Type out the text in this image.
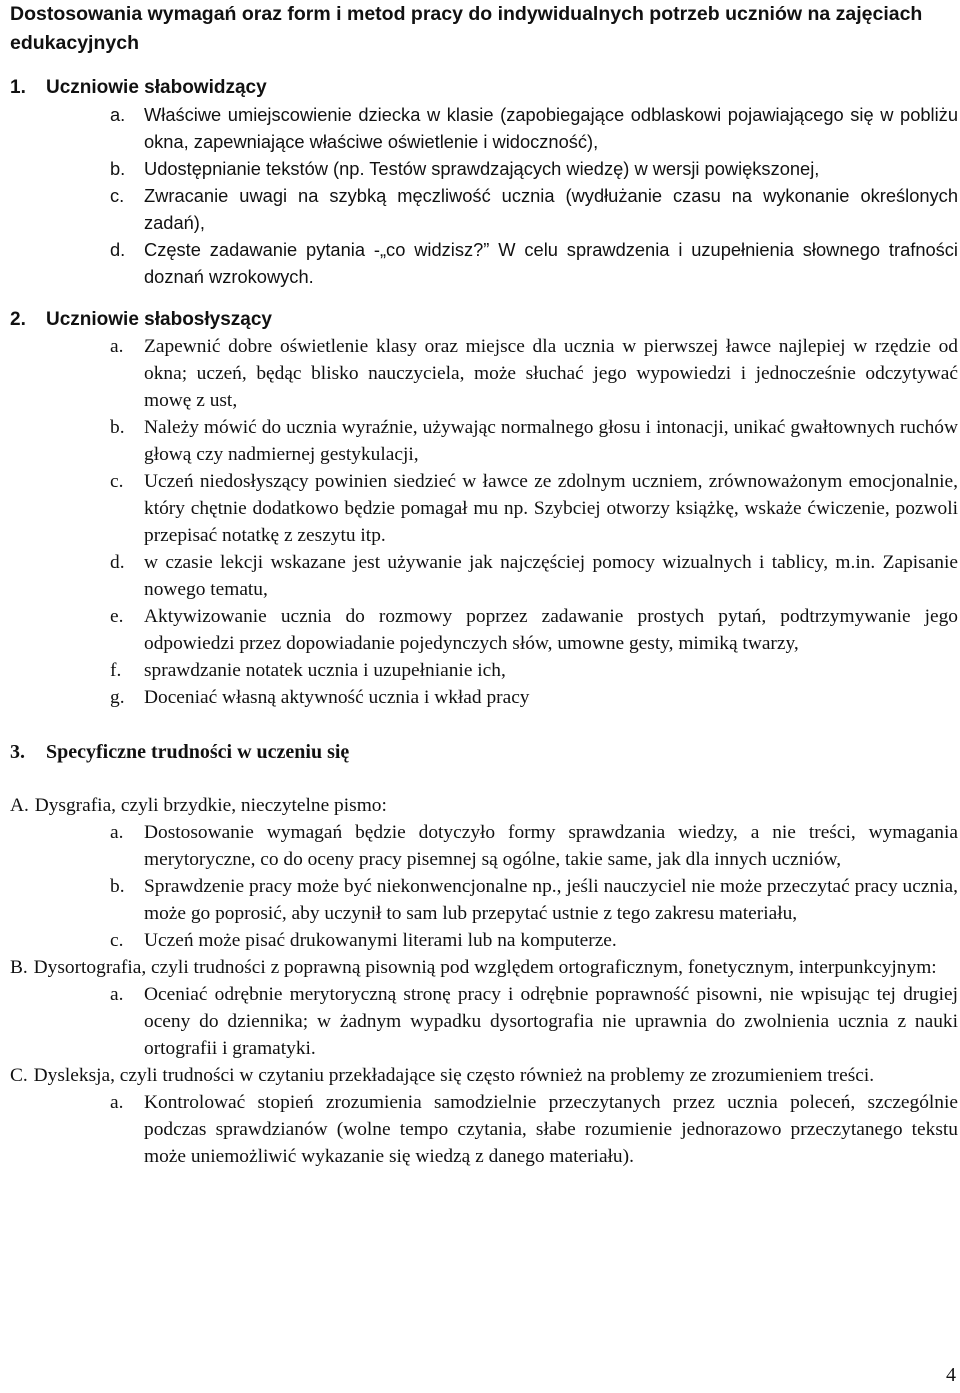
Dostosowania wymagań oraz form i metod pracy do indywidualnych potrzeb uczniów na zajęciach edukacyjnych
1. Uczniowie słabowidzący
a. Właściwe umiejscowienie dziecka w klasie (zapobiegające odblaskowi pojawiającego się w pobliżu okna, zapewniające właściwe oświetlenie i widoczność),
b. Udostępnianie tekstów (np. Testów sprawdzających wiedzę) w wersji powiększonej,
c. Zwracanie uwagi na szybką męczliwość ucznia (wydłużanie czasu na wykonanie określonych zadań),
d. Częste zadawanie pytania -„co widzisz?” W celu sprawdzenia i uzupełnienia słownego trafności doznań wzrokowych.
2. Uczniowie słabosłyszący
a. Zapewnić dobre oświetlenie klasy oraz miejsce dla ucznia w pierwszej ławce najlepiej w rzędzie od okna; uczeń, będąc blisko nauczyciela, może słuchać jego wypowiedzi i jednocześnie odczytywać mowę z ust,
b. Należy mówić do ucznia wyraźnie, używając normalnego głosu i intonacji, unikać gwałtownych ruchów głową czy nadmiernej gestykulacji,
c. Uczeń niedosłyszący powinien siedzieć w ławce ze zdolnym uczniem, zrównoważonym emocjonalnie, który chętnie dodatkowo będzie pomagał mu np. Szybciej otworzy książkę, wskaże ćwiczenie, pozwoli przepisać notatkę z zeszytu itp.
d. w czasie lekcji wskazane jest używanie jak najczęściej pomocy wizualnych i tablicy, m.in. Zapisanie nowego tematu,
e. Aktywizowanie ucznia do rozmowy poprzez zadawanie prostych pytań, podtrzymywanie jego odpowiedzi przez dopowiadanie pojedynczych słów, umowne gesty, mimiką twarzy,
f. sprawdzanie notatek ucznia i uzupełnianie ich,
g. Doceniać własną aktywność ucznia i wkład pracy
3. Specyficzne trudności w uczeniu się
A. Dysgrafia, czyli brzydkie, nieczytelne pismo:
a. Dostosowanie wymagań będzie dotyczyło formy sprawdzania wiedzy, a nie treści, wymagania merytoryczne, co do oceny pracy pisemnej są ogólne, takie same, jak dla innych uczniów,
b. Sprawdzenie pracy może być niekonwencjonalne np., jeśli nauczyciel nie może przeczytać pracy ucznia, może go poprosić, aby uczynił to sam lub przepytać ustnie z tego zakresu materiału,
c. Uczeń może pisać drukowanymi literami lub na komputerze.
B. Dysortografia, czyli trudności z poprawną pisownią pod względem ortograficznym, fonetycznym, interpunkcyjnym:
a. Oceniać odrębnie merytoryczną stronę pracy i odrębnie poprawność pisowni, nie wpisując tej drugiej oceny do dziennika; w żadnym wypadku dysortografia nie uprawnia do zwolnienia ucznia z nauki ortografii i gramatyki.
C. Dysleksja, czyli trudności w czytaniu przekładające się często również na problemy ze zrozumieniem treści.
a. Kontrolować stopień zrozumienia samodzielnie przeczytanych przez ucznia poleceń, szczególnie podczas sprawdzianów (wolne tempo czytania, słabe rozumienie jednorazowo przeczytanego tekstu może uniemożliwić wykazanie się wiedzą z danego materiału).
4
